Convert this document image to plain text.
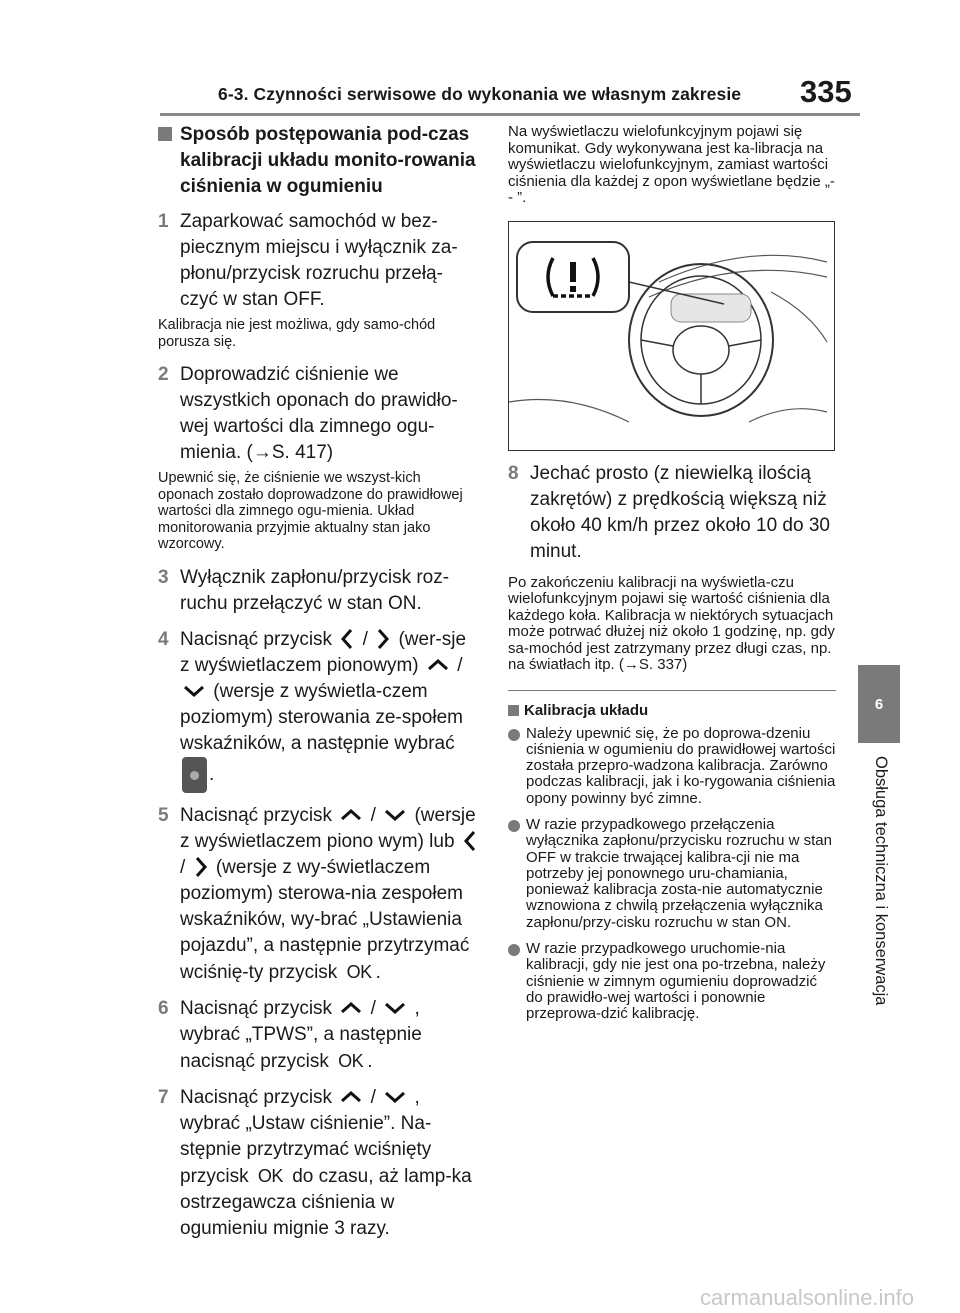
6-3. Czynności serwisowe do wykonania we własnym zakresie 335
6
Obsługa techniczna i konserwacja
Sposób postępowania pod-czas kalibracji układu monito-rowania ciśnienia w ogumieniu
1 Zaparkować samochód w bez-piecznym miejscu i wyłącznik za-płonu/przycisk rozruchu przełą-czyć w stan OFF.
Kalibracja nie jest możliwa, gdy samo-chód porusza się.
2 Doprowadzić ciśnienie we wszystkich oponach do prawidło-wej wartości dla zimnego ogu-mienia. (→S. 417)
Upewnić się, że ciśnienie we wszyst-kich oponach zostało doprowadzone do prawidłowej wartości dla zimnego ogu-mienia. Układ monitorowania przyjmie aktualny stan jako wzorcowy.
3 Wyłącznik zapłonu/przycisk roz-ruchu przełączyć w stan ON.
4 Nacisnąć przycisk / (wer-sje z wyświetlaczem pionowym) /  (wersje z wyświetla-czem poziomym) sterowania ze-społem wskaźników, a następnie wybrać .
5 Nacisnąć przycisk / (wersje z wyświetlaczem piono wym) lub  / (wersje z wy-świetlaczem poziomym) sterowa-nia zespołem wskaźników, wy-brać „Ustawienia pojazdu”, a następnie przytrzymać wciśnię-ty przycisk OK .
6 Nacisnąć przycisk / , wybrać „TPWS”, a następnie nacisnąć przycisk OK .
7 Nacisnąć przycisk / , wybrać „Ustaw ciśnienie”. Na-stępnie przytrzymać wciśnięty przycisk OK do czasu, aż lamp-ka ostrzegawcza ciśnienia w ogumieniu mignie 3 razy.
Na wyświetlaczu wielofunkcyjnym pojawi się komunikat. Gdy wykonywana jest ka-libracja na wyświetlaczu wielofunkcyjnym, zamiast wartości ciśnienia dla każdej z opon wyświetlane będzie „- - ”.
8 Jechać prosto (z niewielką ilością zakrętów) z prędkością większą niż około 40 km/h przez około 10 do 30 minut.
Po zakończeniu kalibracji na wyświetla-czu wielofunkcyjnym pojawi się wartość ciśnienia dla każdego koła. Kalibracja w niektórych sytuacjach może potrwać dłużej niż około 1 godzinę, np. gdy sa-mochód jest zatrzymany przez długi czas, np. na światłach itp. (→S. 337)
Kalibracja układu
Należy upewnić się, że po doprowa-dzeniu ciśnienia w ogumieniu do prawidłowej wartości została przepro-wadzona kalibracja. Zarówno podczas kalibracji, jak i ko-rygowania ciśnienia opony powinny być zimne.
W razie przypadkowego przełączenia wyłącznika zapłonu/przycisku rozruchu w stan OFF w trakcie trwającej kalibra-cji nie ma potrzeby jej ponownego uru-chamiania, ponieważ kalibracja zosta-nie automatycznie wznowiona z chwilą przełączenia wyłącznika zapłonu/przy-cisku rozruchu w stan ON.
W razie przypadkowego uruchomie-nia kalibracji, gdy nie jest ona po-trzebna, należy ciśnienie w zimnym ogumieniu doprowadzić do prawidło-wej wartości i ponownie przeprowa-dzić kalibrację.
carmanualsonline.info
